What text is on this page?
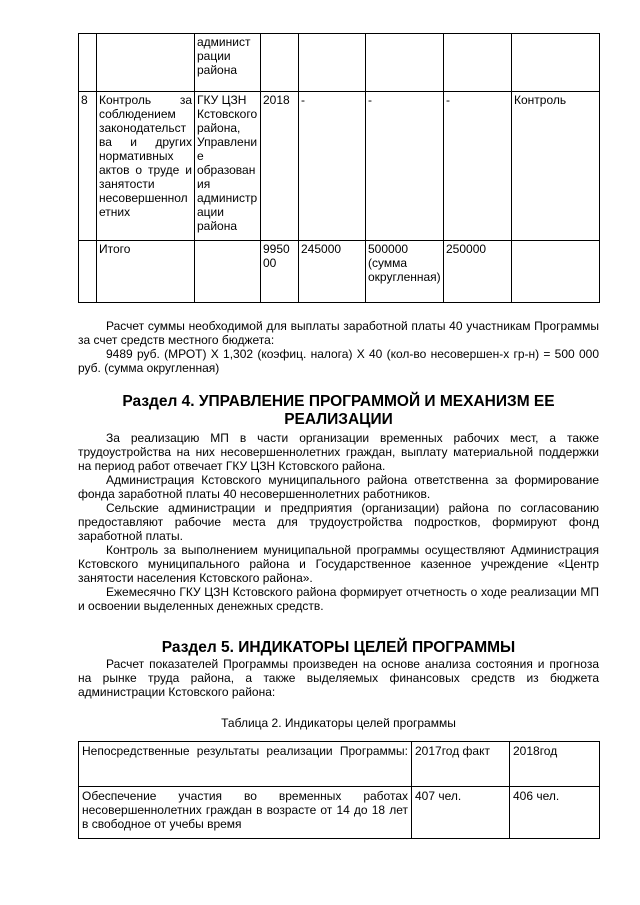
		админист рации района					
8	Контроль за соблюдением законодательства и других нормативных актов о труде и занятости несовершеннолетних	ГКУ ЦЗН Кстовского района, Управление образования администрации района	2018	-	-	-	Контроль
	Итого		995000	245000	500000 (сумма округленная)	250000	
Расчет суммы необходимой для выплаты заработной платы 40 участникам Программы за счет средств местного бюджета:
9489 руб. (МРОТ) Х 1,302 (коэфиц. налога) Х 40 (кол-во несовершен-х гр-н) = 500 000 руб. (сумма округленная)
Раздел 4. УПРАВЛЕНИЕ ПРОГРАММОЙ И МЕХАНИЗМ ЕЕ РЕАЛИЗАЦИИ
За реализацию МП в части организации временных рабочих мест, а также трудоустройства на них несовершеннолетних граждан, выплату материальной поддержки на период работ отвечает ГКУ ЦЗН Кстовского района.
Администрация Кстовского муниципального района ответственна за формирование фонда заработной платы 40 несовершеннолетних работников.
Сельские администрации и предприятия (организации) района по согласованию предоставляют рабочие места для трудоустройства подростков, формируют фонд заработной платы.
Контроль за выполнением муниципальной программы осуществляют Администрация Кстовского муниципального района и Государственное казенное учреждение «Центр занятости населения Кстовского района».
Ежемесячно ГКУ ЦЗН Кстовского района формирует отчетность о ходе реализации МП и освоении выделенных денежных средств.
Раздел 5. ИНДИКАТОРЫ ЦЕЛЕЙ ПРОГРАММЫ
Расчет показателей Программы произведен на основе анализа состояния и прогноза на рынке труда района, а также выделяемых финансовых средств из бюджета администрации Кстовского района:
Таблица 2. Индикаторы целей программы
Непосредственные результаты реализации Программы:	2017год факт	2018год
Обеспечение участия во временных работах несовершеннолетних граждан в возрасте от 14 до 18 лет в свободное от учебы время	407 чел.	406 чел.
